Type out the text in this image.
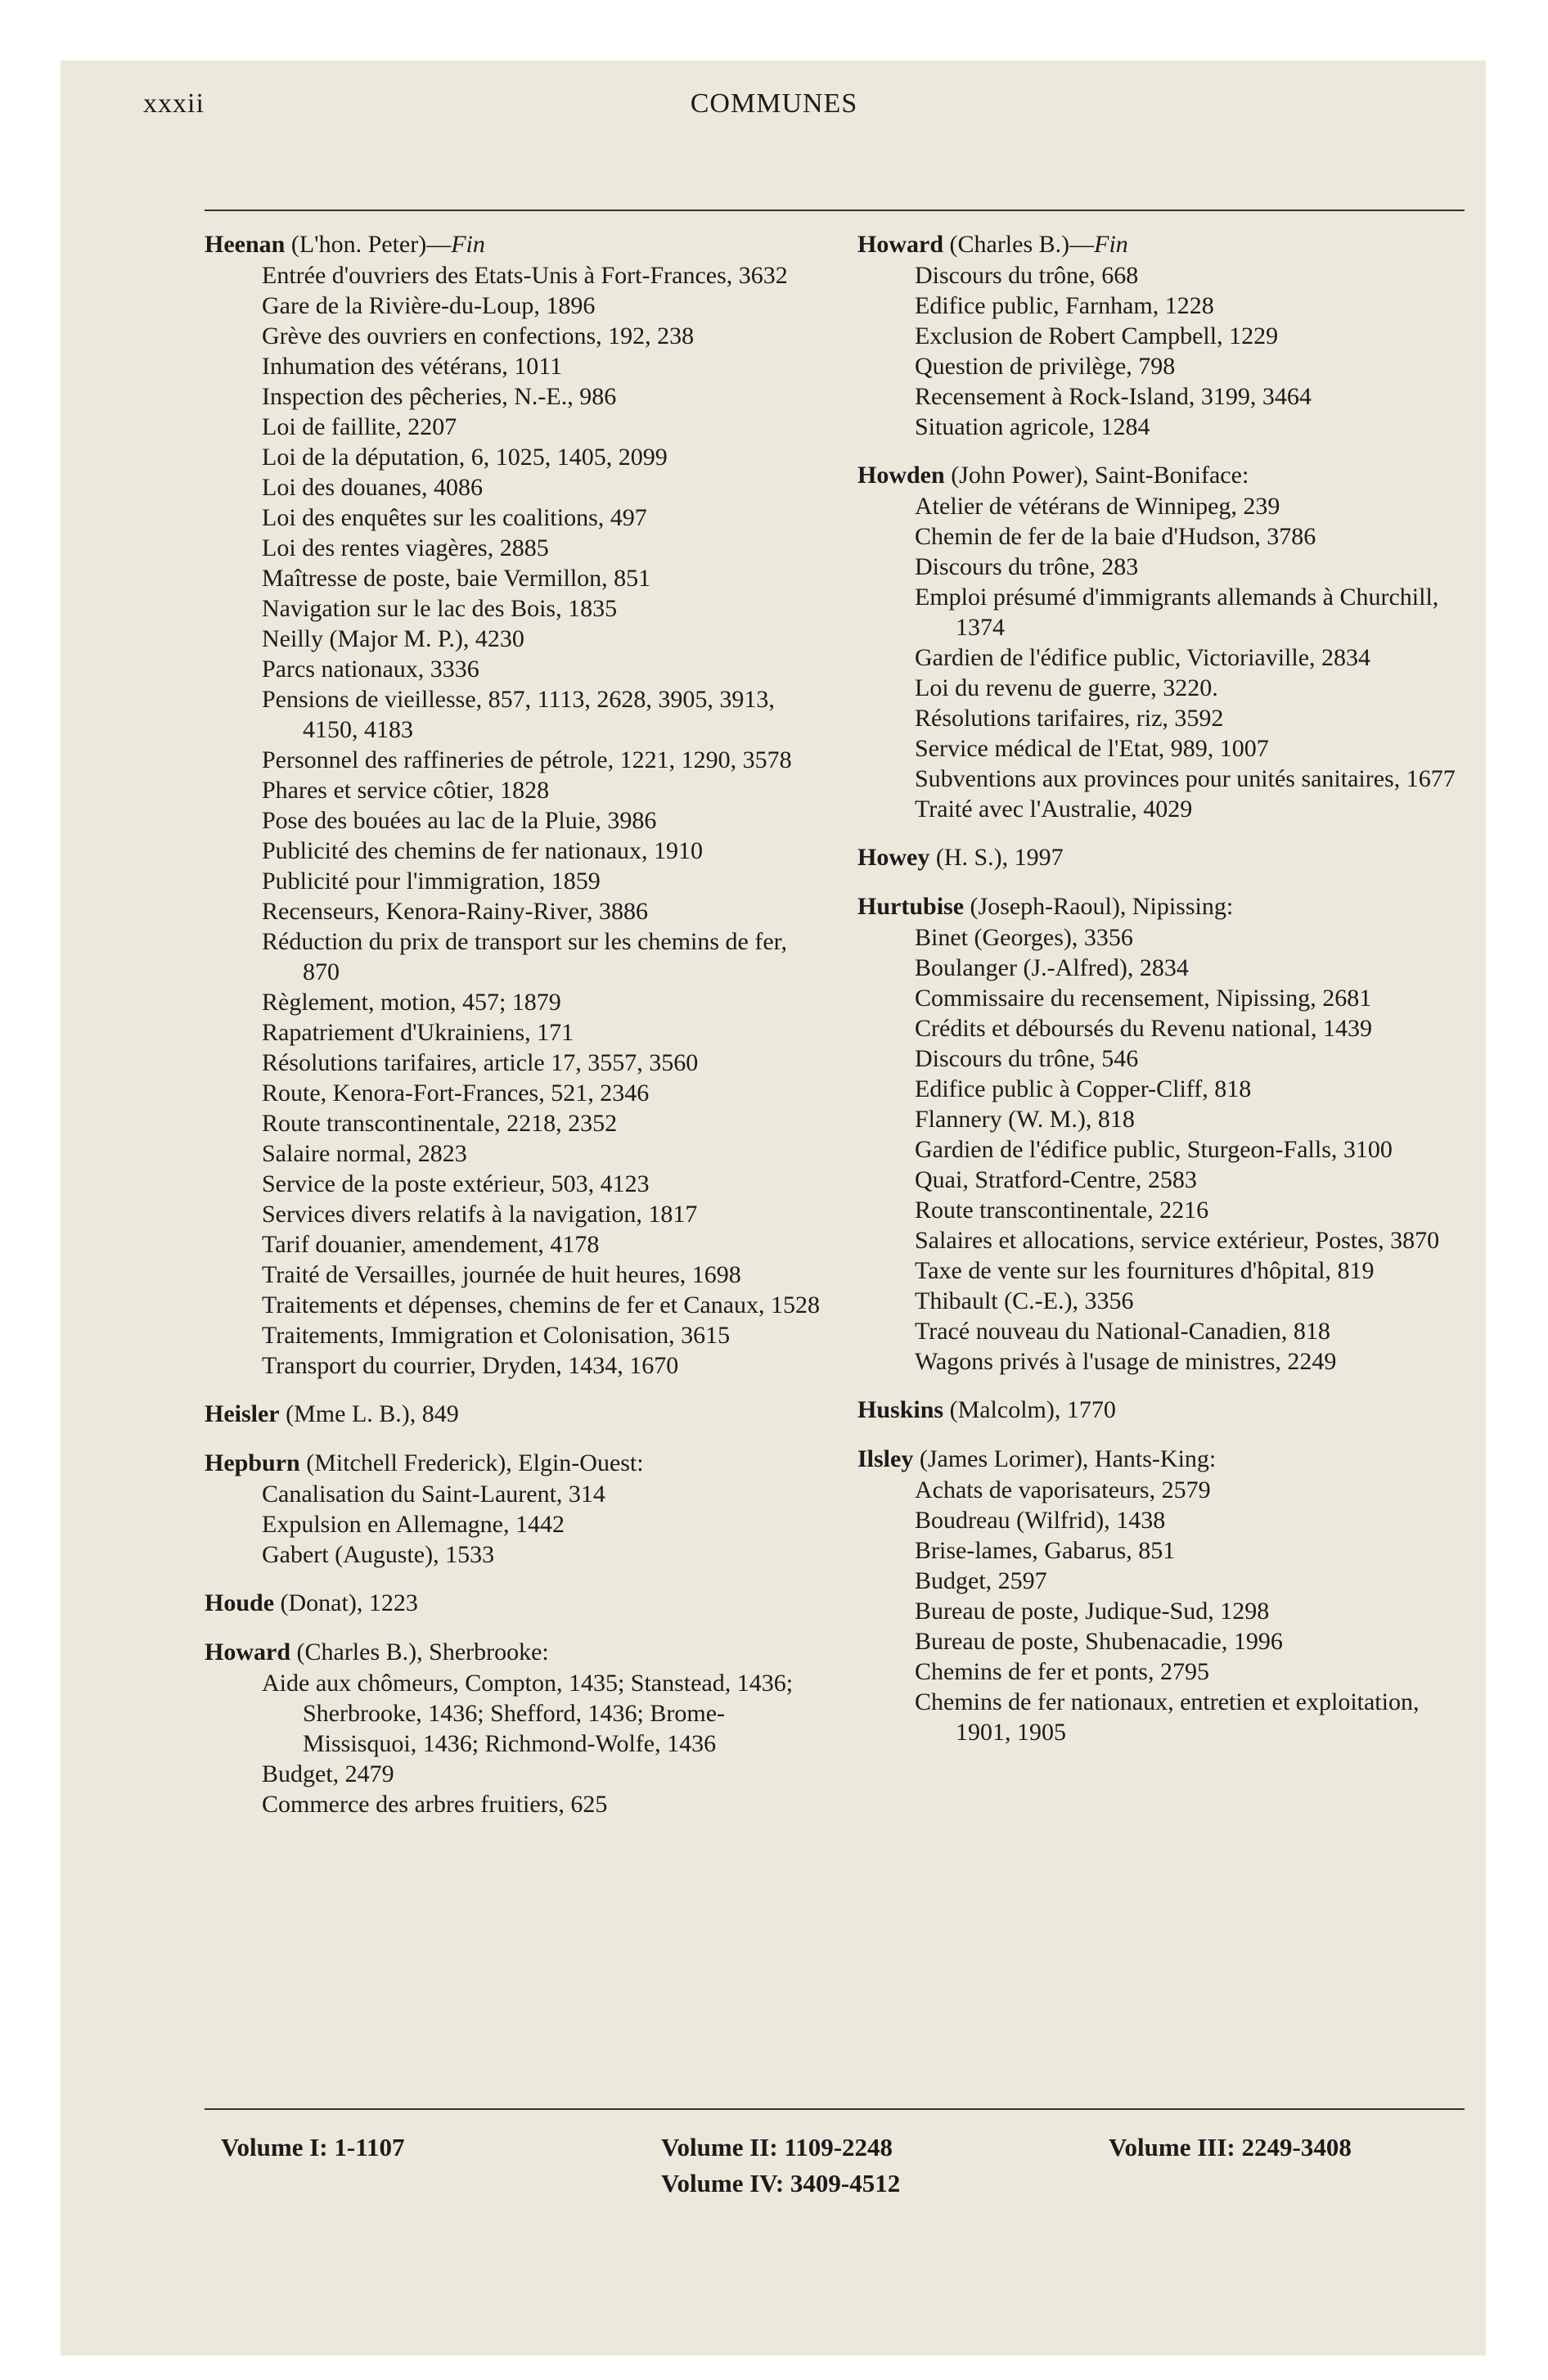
xxxii	COMMUNES
Heenan (L'hon. Peter)—Fin
Entrée d'ouvriers des Etats-Unis à Fort-Frances, 3632
Gare de la Rivière-du-Loup, 1896
Grève des ouvriers en confections, 192, 238
Inhumation des vétérans, 1011
Inspection des pêcheries, N.-E., 986
Loi de faillite, 2207
Loi de la députation, 6, 1025, 1405, 2099
Loi des douanes, 4086
Loi des enquêtes sur les coalitions, 497
Loi des rentes viagères, 2885
Maîtresse de poste, baie Vermillon, 851
Navigation sur le lac des Bois, 1835
Neilly (Major M. P.), 4230
Parcs nationaux, 3336
Pensions de vieillesse, 857, 1113, 2628, 3905, 3913, 4150, 4183
Personnel des raffineries de pétrole, 1221, 1290, 3578
Phares et service côtier, 1828
Pose des bouées au lac de la Pluie, 3986
Publicité des chemins de fer nationaux, 1910
Publicité pour l'immigration, 1859
Recenseurs, Kenora-Rainy-River, 3886
Réduction du prix de transport sur les chemins de fer, 870
Règlement, motion, 457; 1879
Rapatriement d'Ukrainiens, 171
Résolutions tarifaires, article 17, 3557, 3560
Route, Kenora-Fort-Frances, 521, 2346
Route transcontinentale, 2218, 2352
Salaire normal, 2823
Service de la poste extérieur, 503, 4123
Services divers relatifs à la navigation, 1817
Tarif douanier, amendement, 4178
Traité de Versailles, journée de huit heures, 1698
Traitements et dépenses, chemins de fer et Canaux, 1528
Traitements, Immigration et Colonisation, 3615
Transport du courrier, Dryden, 1434, 1670
Heisler (Mme L. B.), 849
Hepburn (Mitchell Frederick), Elgin-Ouest:
Canalisation du Saint-Laurent, 314
Expulsion en Allemagne, 1442
Gabert (Auguste), 1533
Houde (Donat), 1223
Howard (Charles B.), Sherbrooke:
Aide aux chômeurs, Compton, 1435; Stanstead, 1436; Sherbrooke, 1436; Shefford, 1436; Brome-Missisquoi, 1436; Richmond-Wolfe, 1436
Budget, 2479
Commerce des arbres fruitiers, 625
Howard (Charles B.)—Fin
Discours du trône, 668
Edifice public, Farnham, 1228
Exclusion de Robert Campbell, 1229
Question de privilège, 798
Recensement à Rock-Island, 3199, 3464
Situation agricole, 1284
Howden (John Power), Saint-Boniface:
Atelier de vétérans de Winnipeg, 239
Chemin de fer de la baie d'Hudson, 3786
Discours du trône, 283
Emploi présumé d'immigrants allemands à Churchill, 1374
Gardien de l'édifice public, Victoriaville, 2834
Loi du revenu de guerre, 3220.
Résolutions tarifaires, riz, 3592
Service médical de l'Etat, 989, 1007
Subventions aux provinces pour unités sanitaires, 1677
Traité avec l'Australie, 4029
Howey (H. S.), 1997
Hurtubise (Joseph-Raoul), Nipissing:
Binet (Georges), 3356
Boulanger (J.-Alfred), 2834
Commissaire du recensement, Nipissing, 2681
Crédits et déboursés du Revenu national, 1439
Discours du trône, 546
Edifice public à Copper-Cliff, 818
Flannery (W. M.), 818
Gardien de l'édifice public, Sturgeon-Falls, 3100
Quai, Stratford-Centre, 2583
Route transcontinentale, 2216
Salaires et allocations, service extérieur, Postes, 3870
Taxe de vente sur les fournitures d'hôpital, 819
Thibault (C.-E.), 3356
Tracé nouveau du National-Canadien, 818
Wagons privés à l'usage de ministres, 2249
Huskins (Malcolm), 1770
Ilsley (James Lorimer), Hants-King:
Achats de vaporisateurs, 2579
Boudreau (Wilfrid), 1438
Brise-lames, Gabarus, 851
Budget, 2597
Bureau de poste, Judique-Sud, 1298
Bureau de poste, Shubenacadie, 1996
Chemins de fer et ponts, 2795
Chemins de fer nationaux, entretien et exploitation, 1901, 1905
Volume I: 1-1107	Volume II: 1109-2248	Volume III: 2249-3408
Volume IV: 3409-4512
